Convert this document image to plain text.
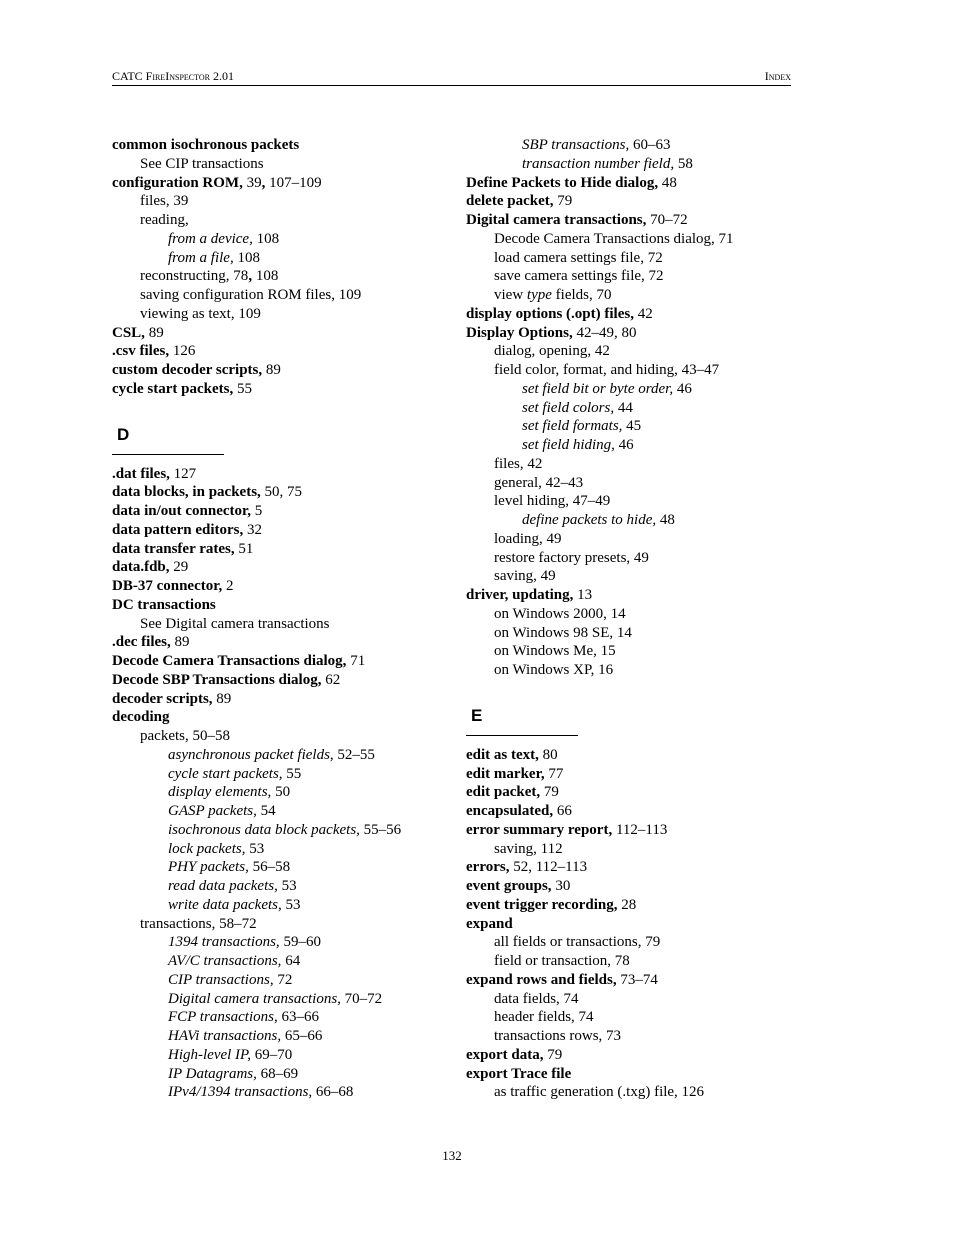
CATC FireInspector 2.01	Index
common isochronous packets
See CIP transactions
configuration ROM, 39, 107–109
files, 39
reading,
from a device, 108
from a file, 108
reconstructing, 78, 108
saving configuration ROM files, 109
viewing as text, 109
CSL, 89
.csv files, 126
custom decoder scripts, 89
cycle start packets, 55
D
.dat files, 127
data blocks, in packets, 50, 75
data in/out connector, 5
data pattern editors, 32
data transfer rates, 51
data.fdb, 29
DB-37 connector, 2
DC transactions
See Digital camera transactions
.dec files, 89
Decode Camera Transactions dialog, 71
Decode SBP Transactions dialog, 62
decoder scripts, 89
decoding
packets, 50–58
asynchronous packet fields, 52–55
cycle start packets, 55
display elements, 50
GASP packets, 54
isochronous data block packets, 55–56
lock packets, 53
PHY packets, 56–58
read data packets, 53
write data packets, 53
transactions, 58–72
1394 transactions, 59–60
AV/C transactions, 64
CIP transactions, 72
Digital camera transactions, 70–72
FCP transactions, 63–66
HAVi transactions, 65–66
High-level IP, 69–70
IP Datagrams, 68–69
IPv4/1394 transactions, 66–68
SBP transactions, 60–63
transaction number field, 58
Define Packets to Hide dialog, 48
delete packet, 79
Digital camera transactions, 70–72
Decode Camera Transactions dialog, 71
load camera settings file, 72
save camera settings file, 72
view type fields, 70
display options (.opt) files, 42
Display Options, 42–49, 80
dialog, opening, 42
field color, format, and hiding, 43–47
set field bit or byte order, 46
set field colors, 44
set field formats, 45
set field hiding, 46
files, 42
general, 42–43
level hiding, 47–49
define packets to hide, 48
loading, 49
restore factory presets, 49
saving, 49
driver, updating, 13
on Windows 2000, 14
on Windows 98 SE, 14
on Windows Me, 15
on Windows XP, 16
E
edit as text, 80
edit marker, 77
edit packet, 79
encapsulated, 66
error summary report, 112–113
saving, 112
errors, 52, 112–113
event groups, 30
event trigger recording, 28
expand
all fields or transactions, 79
field or transaction, 78
expand rows and fields, 73–74
data fields, 74
header fields, 74
transactions rows, 73
export data, 79
export Trace file
as traffic generation (.txg) file, 126
132
